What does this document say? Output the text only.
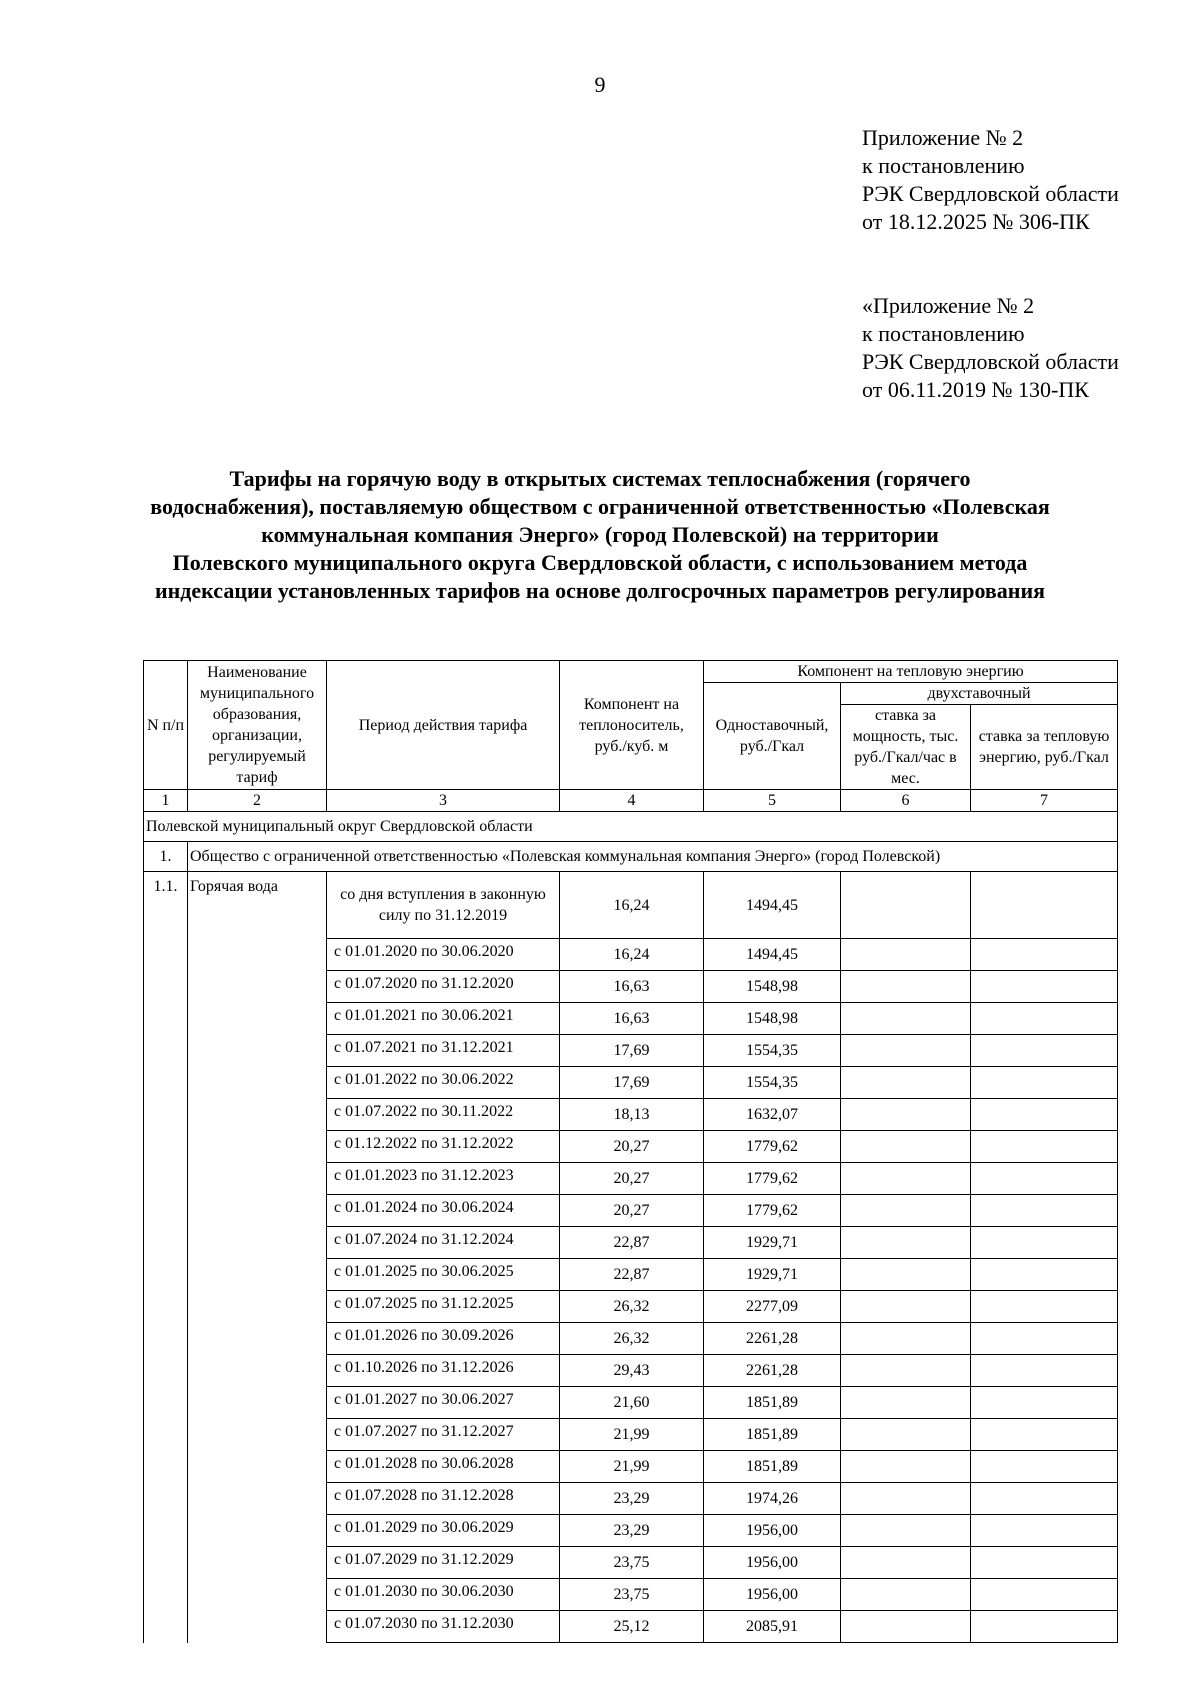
9
Приложение № 2
к постановлению
РЭК Свердловской области
от 18.12.2025 № 306-ПК
«Приложение № 2
к постановлению
РЭК Свердловской области
от 06.11.2019 № 130-ПК
Тарифы на горячую воду в открытых системах теплоснабжения (горячего
водоснабжения), поставляемую обществом с ограниченной ответственностью «Полевская
коммунальная компания Энерго» (город Полевской) на территории
Полевского муниципального округа Свердловской области, с использованием метода
индексации установленных тарифов на основе долгосрочных параметров регулирования
N п/п	Наименование муниципального образования, организации, регулируемый тариф	Период действия тарифа	Компонент на теплоноситель, руб./куб. м	Компонент на тепловую энергию		
				Одноставочный, руб./Гкал	двухставочный	
					ставка за мощность, тыс. руб./Гкал/час в мес.	ставка за тепловую энергию, руб./Гкал
1	2	3	4	5	6	7
Полевской муниципальный округ Свердловской области						
1.	Общество с ограниченной ответственностью «Полевская коммунальная компания Энерго» (город Полевской)					
1.1.	Горячая вода	со дня вступления в законную силу по 31.12.2019	16,24	1494,45		
		с 01.01.2020 по 30.06.2020	16,24	1494,45		
		с 01.07.2020 по 31.12.2020	16,63	1548,98		
		с 01.01.2021 по 30.06.2021	16,63	1548,98		
		с 01.07.2021 по 31.12.2021	17,69	1554,35		
		с 01.01.2022 по 30.06.2022	17,69	1554,35		
		с 01.07.2022 по 30.11.2022	18,13	1632,07		
		с 01.12.2022 по 31.12.2022	20,27	1779,62		
		с 01.01.2023 по 31.12.2023	20,27	1779,62		
		с 01.01.2024 по 30.06.2024	20,27	1779,62		
		с 01.07.2024 по 31.12.2024	22,87	1929,71		
		с 01.01.2025 по 30.06.2025	22,87	1929,71		
		с 01.07.2025 по 31.12.2025	26,32	2277,09		
		с 01.01.2026 по 30.09.2026	26,32	2261,28		
		с 01.10.2026 по 31.12.2026	29,43	2261,28		
		с 01.01.2027 по 30.06.2027	21,60	1851,89		
		с 01.07.2027 по 31.12.2027	21,99	1851,89		
		с 01.01.2028 по 30.06.2028	21,99	1851,89		
		с 01.07.2028 по 31.12.2028	23,29	1974,26		
		с 01.01.2029 по 30.06.2029	23,29	1956,00		
		с 01.07.2029 по 31.12.2029	23,75	1956,00		
		с 01.01.2030 по 30.06.2030	23,75	1956,00		
		с 01.07.2030 по 31.12.2030	25,12	2085,91		
